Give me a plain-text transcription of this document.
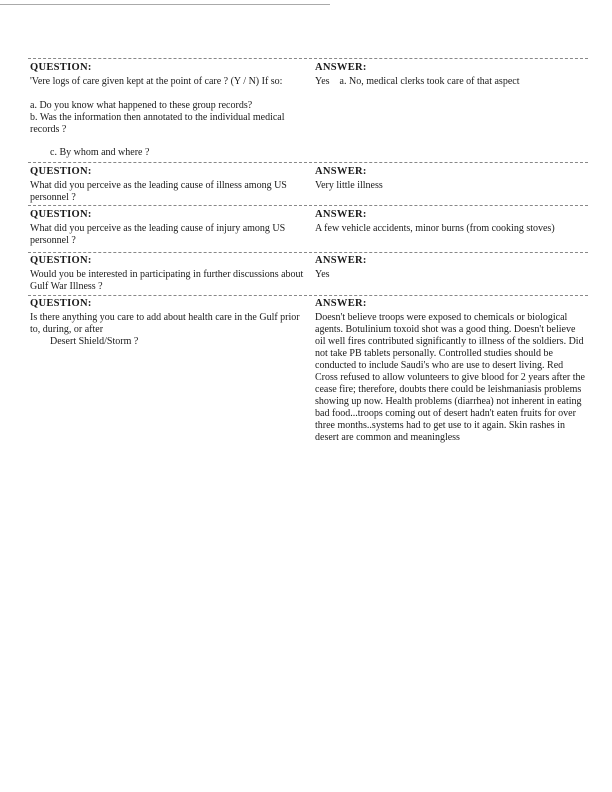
QUESTION:

'Vere logs of care given kept at the point of care ? (Y / N) If so:

a. Do you know what happened to these group records?

b. Was the information then annotated to the individual medical records ?

c. By whom and where ?

ANSWER:

Yes    a. No, medical clerks took care of that aspect

QUESTION:

What did you perceive as the leading cause of illness among US personnel ?

ANSWER:

Very little illness

QUESTION:

What did you perceive as the leading cause of injury among US personnel ?

ANSWER:

A few vehicle accidents, minor burns (from cooking stoves)

QUESTION:

Would you be interested in participating in further discussions about Gulf War Illness ?

ANSWER:

Yes

QUESTION:

Is there anything you care to add about health care in the Gulf prior to, during, or after

Desert Shield/Storm ?

ANSWER:

Doesn't believe troops were exposed to chemicals or biological agents. Botulinium toxoid shot was a good thing. Doesn't believe oil well fires contributed significantly to illness of the soldiers. Did not take PB tablets personally. Controlled studies should be conducted to include Saudi's who are use to desert living. Red Cross refused to allow volunteers to give blood for 2 years after the cease fire; therefore, doubts there could be leishmaniasis problems showing up now. Health problems (diarrhea) not inherent in eating bad food...troops coming out of desert hadn't eaten fruits for over three months..systems had to get use to it again. Skin rashes in desert are common and meaningless
